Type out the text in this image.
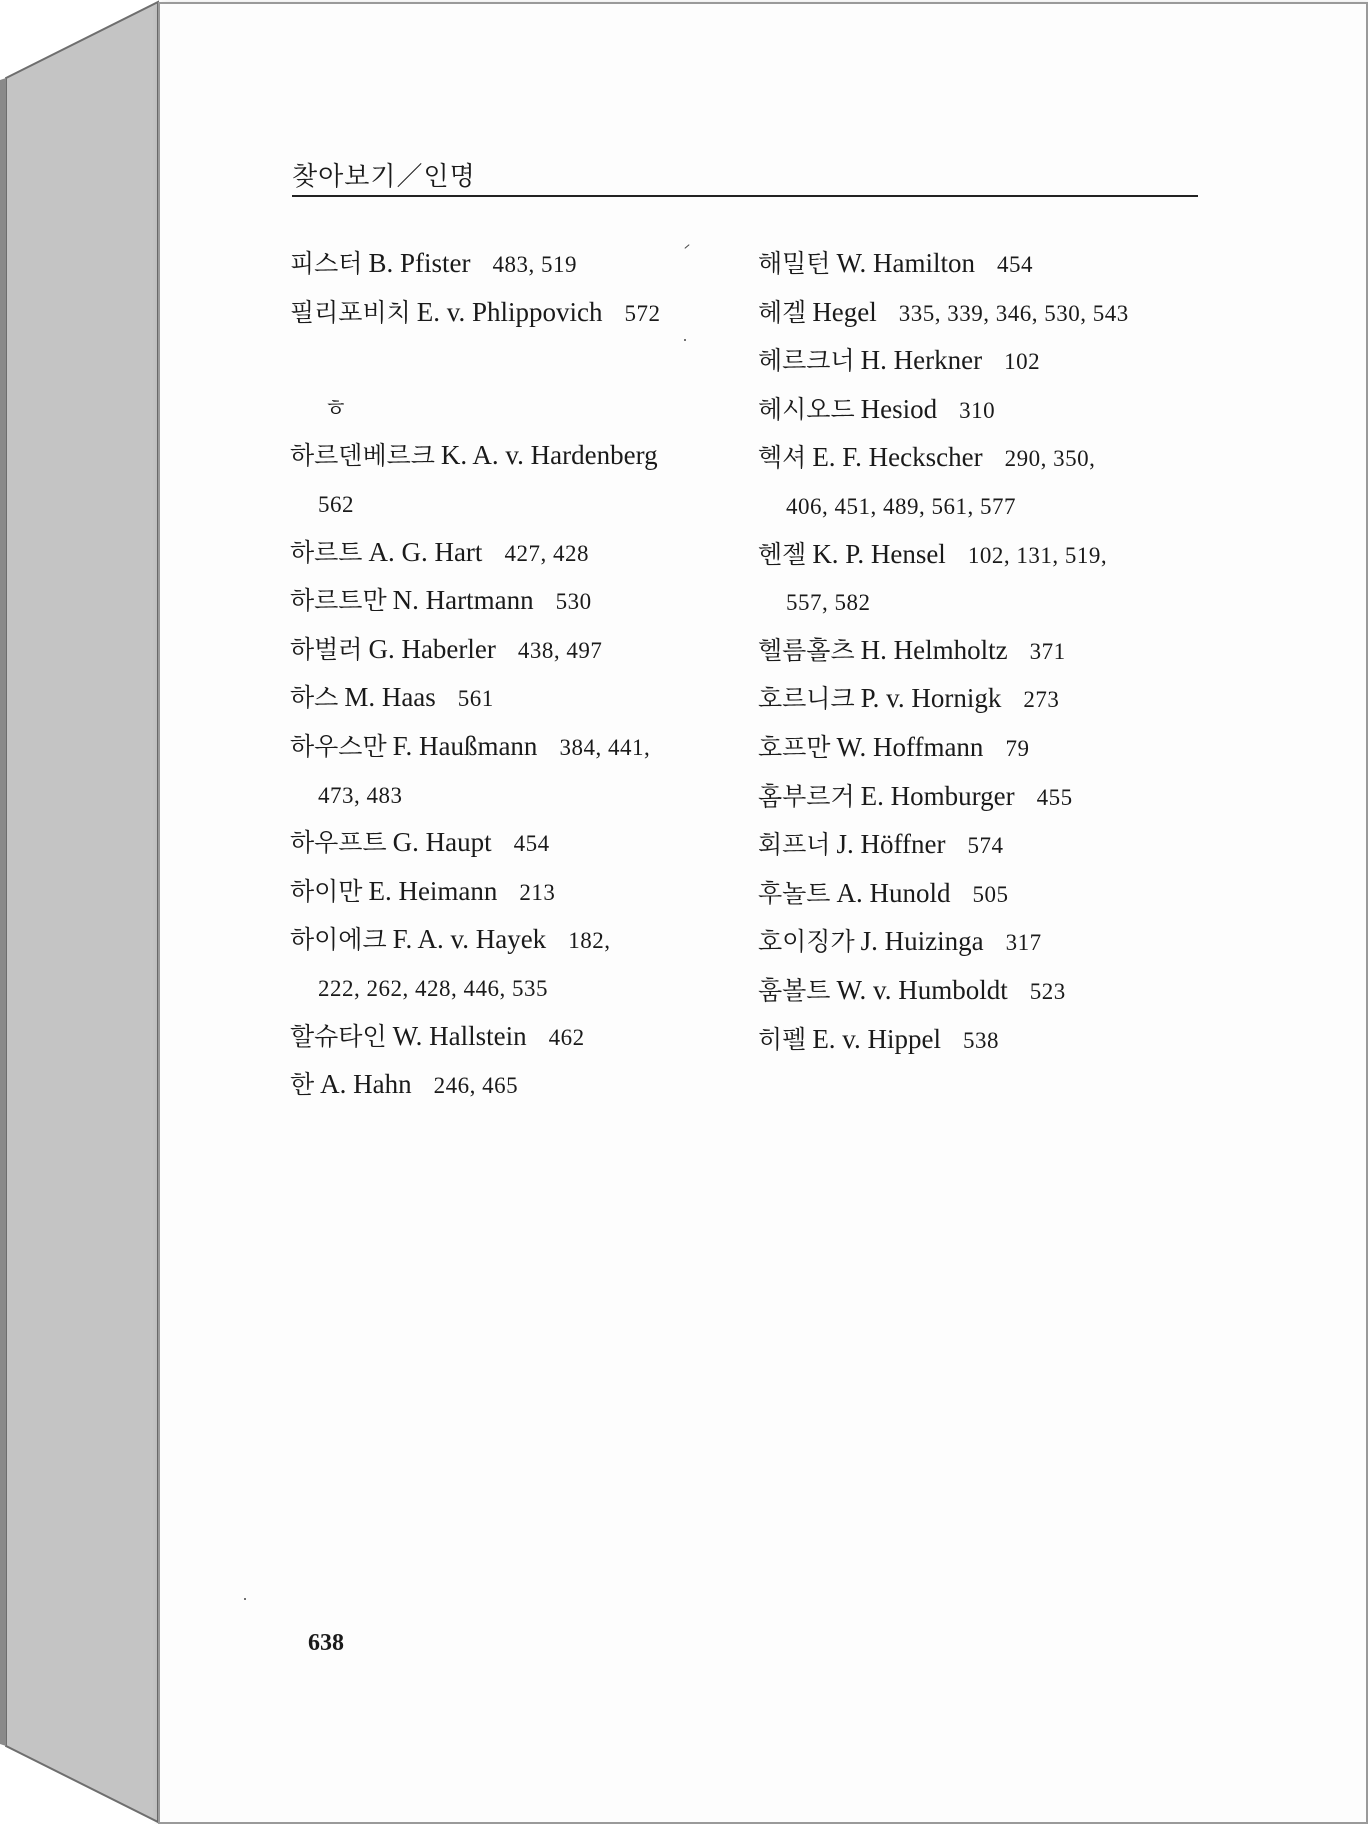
찾아보기／인명
피스터 B. Pfister 483, 519
필리포비치 E. v. Phlippovich 572
ㅎ
하르덴베르크 K. A. v. Hardenberg
562
하르트 A. G. Hart 427, 428
하르트만 N. Hartmann 530
하벌러 G. Haberler 438, 497
하스 M. Haas 561
하우스만 F. Haußmann 384, 441,
473, 483
하우프트 G. Haupt 454
하이만 E. Heimann 213
하이에크 F. A. v. Hayek 182,
222, 262, 428, 446, 535
할슈타인 W. Hallstein 462
한 A. Hahn 246, 465
해밀턴 W. Hamilton 454
헤겔 Hegel 335, 339, 346, 530, 543
헤르크너 H. Herkner 102
헤시오드 Hesiod 310
헥셔 E. F. Heckscher 290, 350,
406, 451, 489, 561, 577
헨젤 K. P. Hensel 102, 131, 519,
557, 582
헬름홀츠 H. Helmholtz 371
호르니크 P. v. Hornigk 273
호프만 W. Hoffmann 79
홈부르거 E. Homburger 455
회프너 J. Höffner 574
후놀트 A. Hunold 505
호이징가 J. Huizinga 317
훔볼트 W. v. Humboldt 523
히펠 E. v. Hippel 538
638
